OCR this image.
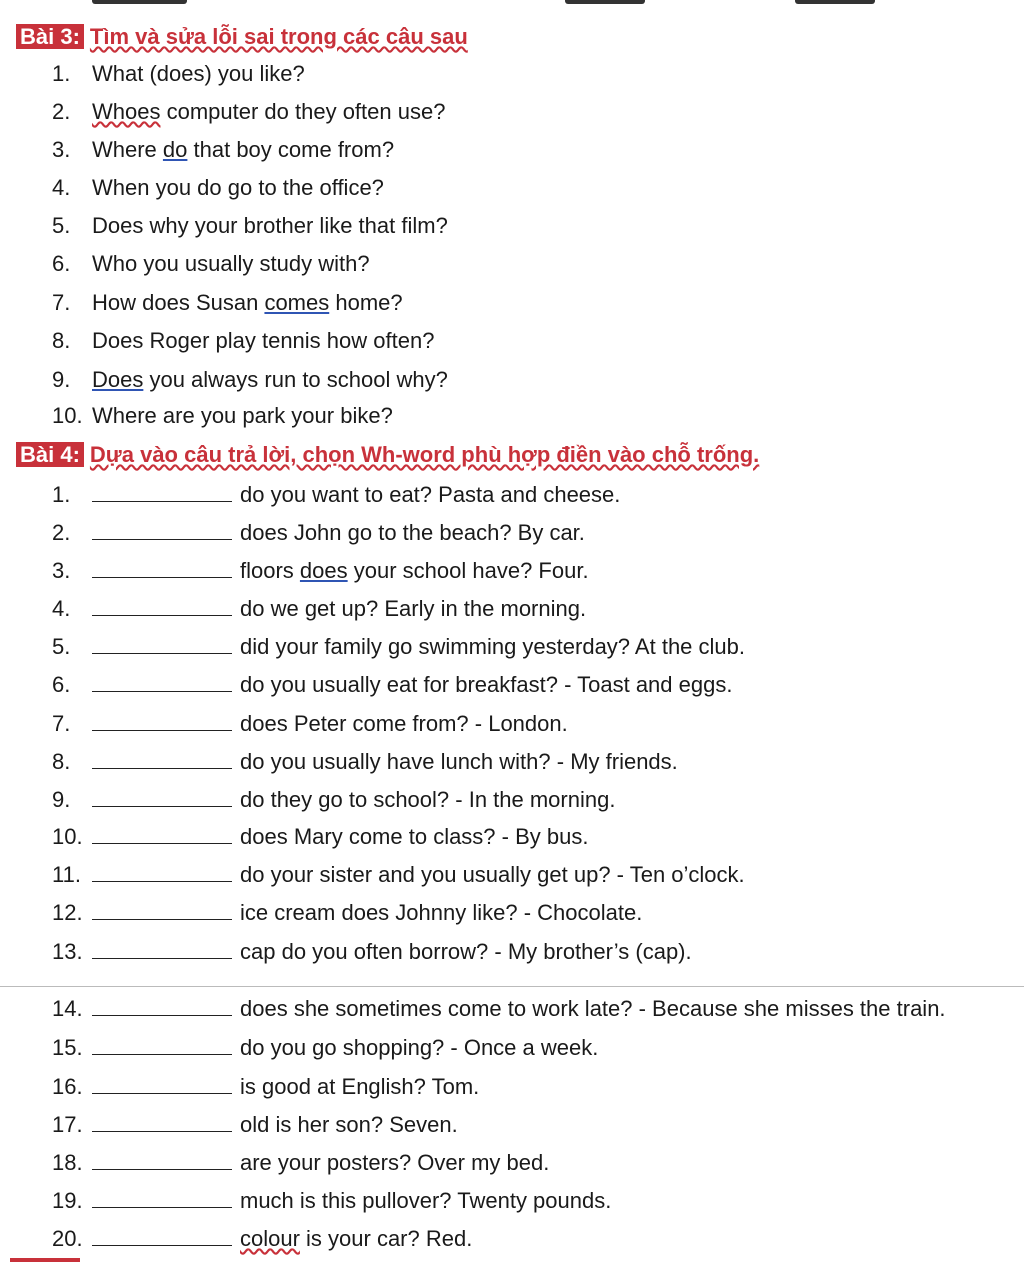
Bài 3: Tìm và sửa lỗi sai trong các câu sau
1. What (does) you like?
2. Whoes computer do they often use?
3. Where do that boy come from?
4. When you do go to the office?
5. Does why your brother like that film?
6. Who you usually study with?
7. How does Susan comes home?
8. Does Roger play tennis how often?
9. Does you always run to school why?
10. Where are you park your bike?
Bài 4: Dựa vào câu trả lời, chọn Wh-word phù hợp điền vào chỗ trống.
1.	do you want to eat? Pasta and cheese.
2.	does John go to the beach? By car.
3.	floors does your school have? Four.
4.	do we get up? Early in the morning.
5.	did your family go swimming yesterday? At the club.
6.	do you usually eat for breakfast? - Toast and eggs.
7.	does Peter come from? - London.
8.	do you usually have lunch with? - My friends.
9.	do they go to school? - In the morning.
10.	does Mary come to class? - By bus.
11.	do your sister and you usually get up? - Ten o’clock.
12.	ice cream does Johnny like? - Chocolate.
13.	cap do you often borrow? - My brother’s (cap).
14.	does she sometimes come to work late? - Because she misses the train.
15.	do you go shopping? - Once a week.
16.	is good at English? Tom.
17.	old is her son? Seven.
18.	are your posters? Over my bed.
19.	much is this pullover? Twenty pounds.
20.	colour is your car? Red.
